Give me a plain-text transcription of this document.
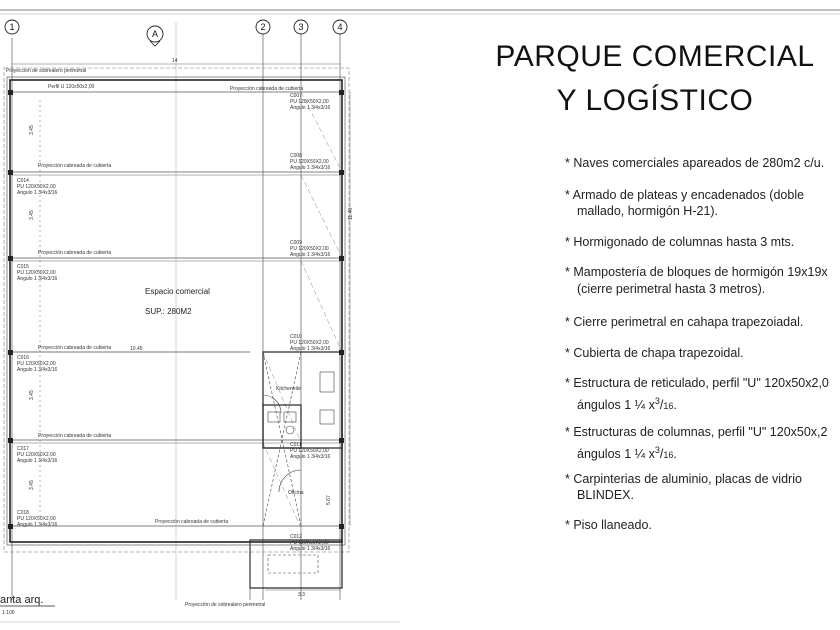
1
A
2	3	4
14
10.45
11.40
3.45
3.45
3.45
3.45
3.3
5.67
Proyección de sobrealero perimetral
Proyección de sobrealero perimetral
Perfil U 120x50x2,00	Proyección cabreada de cubierta
Proyección cabreada de cubierta
Proyección cabreada de cubierta
Proyección cabreada de cubierta
Proyección cabreada de cubierta
Proyección cabreada de cubierta
C014
PU 120X50X2,00
Angulo 1 3/4x3/16
C015
PU 120X50X2,00
Angulo 1 3/4x3/16
C016
PU 120X50X2,00
Angulo 1 3/4x3/16
C017
PU 120X50X2,00
Angulo 1 3/4x3/16
C018
PU 120X50X2,00
Angulo 1 3/4x3/16
C007
PU 120X50X2,00
Angulo 1 3/4x3/16
C008
PU 120X50X2,00
Angulo 1 3/4x3/16
C009
PU 120X50X2,00
Angulo 1 3/4x3/16
C010
PU 120X50X2,00
Angulo 1 3/4x3/16
C011
PU 120X50X2,00
Angulo 1 3/4x3/16
C012
PU 120X50X2,00
Angulo 1 3/4x3/16
Espacio comercial
SUP.: 280M2
Kitchenette
Oficina
anta arq.
1:100
PARQUE COMERCIAL
Y LOGÍSTICO
* Naves comerciales apareados de 280m2 c/u.
* Armado de plateas y encadenados (doble
mallado, hormigón H-21).
* Hormigonado de columnas hasta 3 mts.
* Mampostería de bloques de hormigón 19x19x
(cierre perimetral hasta 3 metros).
* Cierre perimetral en cahapa trapezoiadal.
* Cubierta de chapa trapezoidal.
* Estructura de reticulado, perfil "U" 120x50x2,0
ángulos 1 ¼ $x^3/16$.
* Estructuras de columnas, perfil "U" 120x50x,2
ángulos 1 ¼ $x^3/16$.
* Carpinterias de aluminio, placas de vidrio
BLINDEX.
* Piso llaneado.
